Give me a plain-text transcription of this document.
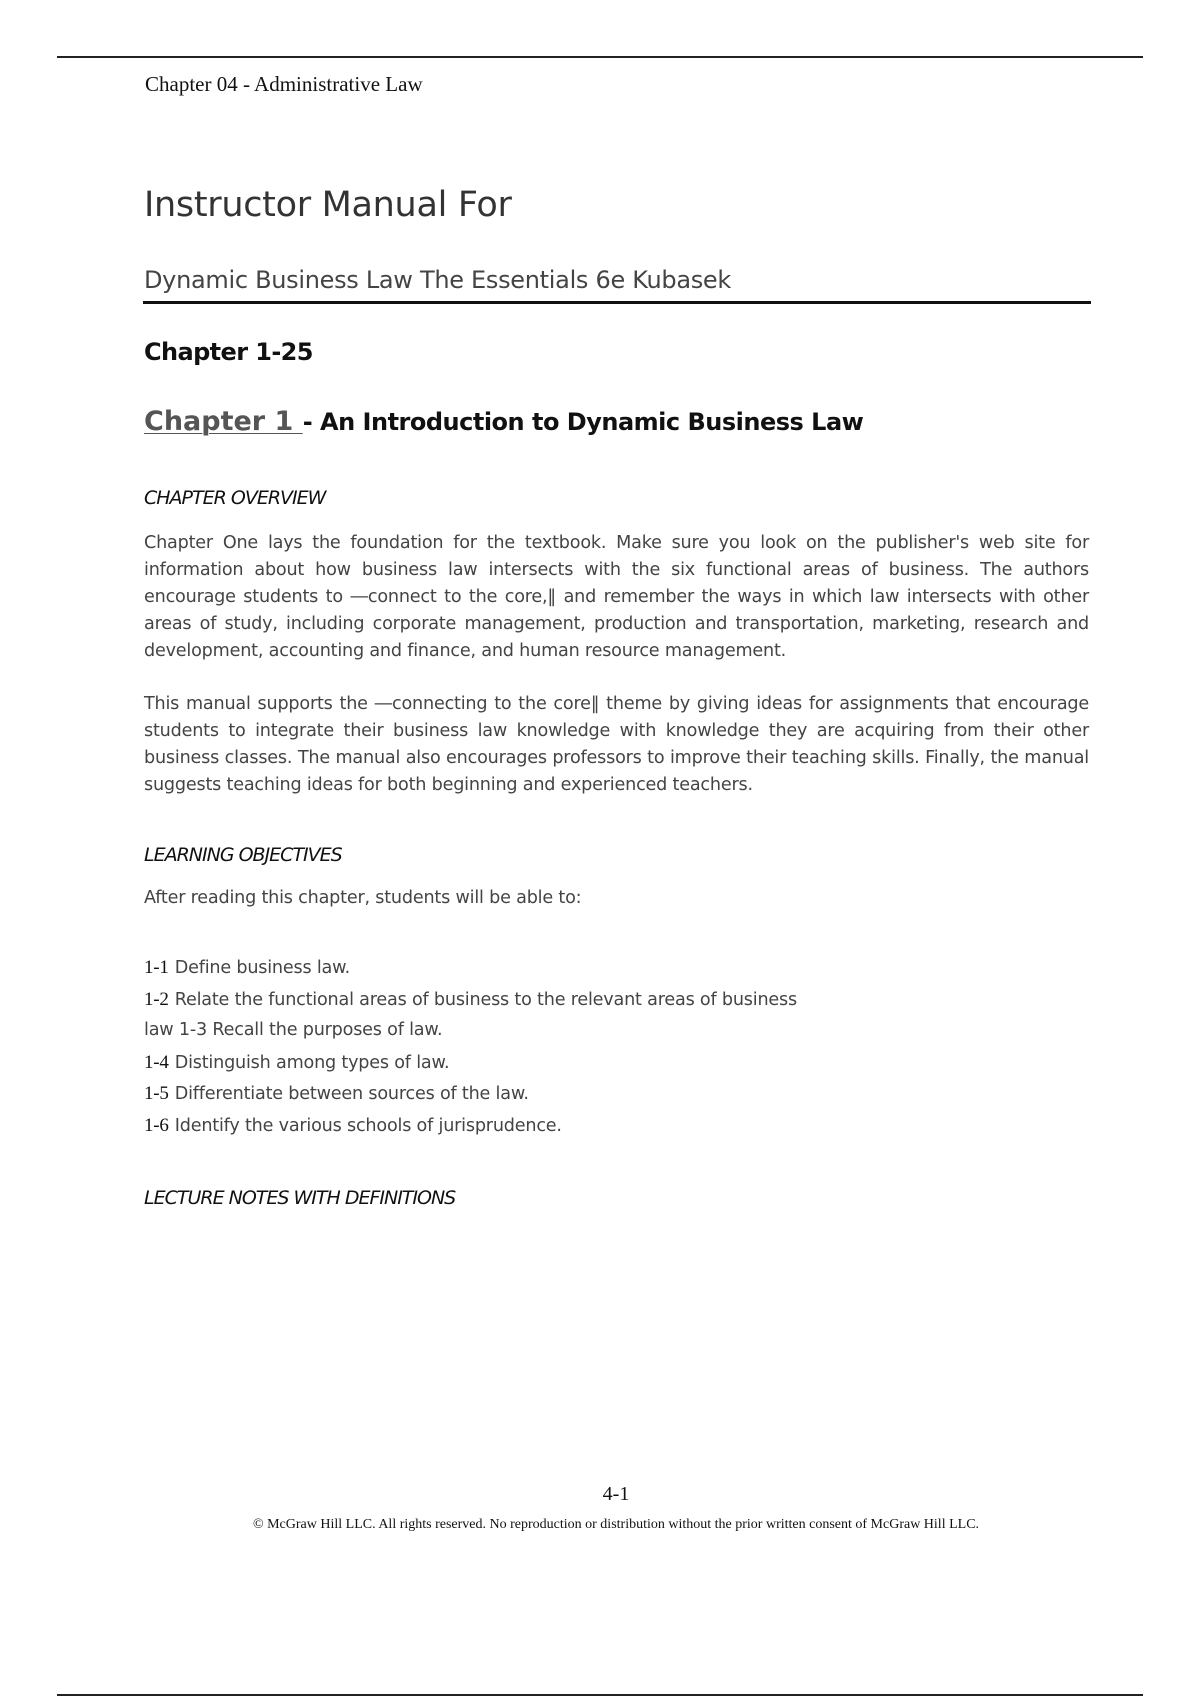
Chapter 04 - Administrative Law

Instructor Manual For

Dynamic Business Law The Essentials 6e Kubasek

Chapter 1-25
Chapter 1 - An Introduction to Dynamic Business Law
CHAPTER OVERVIEW

Chapter One lays the foundation for the textbook. Make sure you look on the publisher's web site for information about how business law intersects with the six functional areas of business. The authors encourage students to ―connect to the core,‖ and remember the ways in which law intersects with other areas of study, including corporate management, production and transportation, marketing, research and development, accounting and finance, and human resource management.

This manual supports the ―connecting to the core‖ theme by giving ideas for assignments that encourage students to integrate their business law knowledge with knowledge they are acquiring from their other business classes. The manual also encourages professors to improve their teaching skills. Finally, the manual suggests teaching ideas for both beginning and experienced teachers.

LEARNING OBJECTIVES

After reading this chapter, students will be able to:

1-1 Define business law.
1-2 Relate the functional areas of business to the relevant areas of business
law 1-3 Recall the purposes of law.
1-4 Distinguish among types of law.
1-5 Differentiate between sources of the law.
1-6 Identify the various schools of jurisprudence.
LECTURE NOTES WITH DEFINITIONS

4-1

© McGraw Hill LLC. All rights reserved. No reproduction or distribution without the prior written consent of McGraw Hill LLC.
